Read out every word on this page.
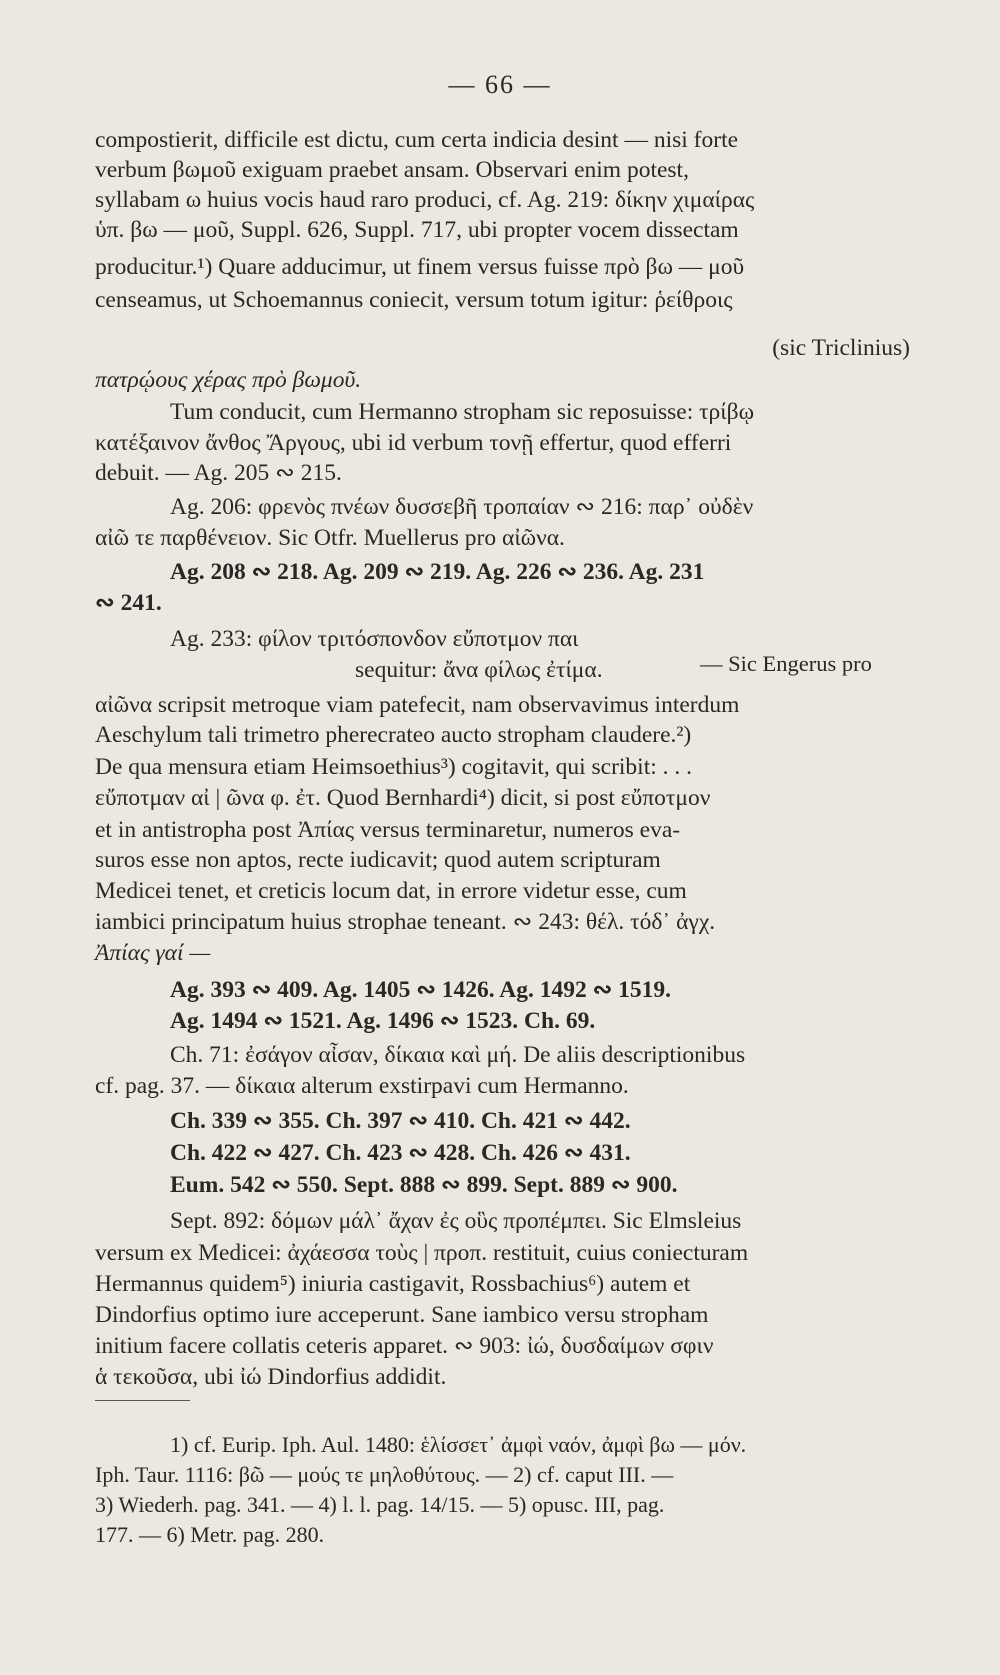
— 66 —
compostierit, difficile est dictu, cum certa indicia desint — nisi forte
verbum βωμοῦ exiguam praebet ansam. Observari enim potest,
syllabam ω huius vocis haud raro produci, cf. Ag. 219: δίκην χιμαίρας
ὑπ. βω — μοῦ, Suppl. 626, Suppl. 717, ubi propter vocem dissectam
producitur.¹) Quare adducimur, ut finem versus fuisse πρὸ βω — μοῦ
censeamus, ut Schoemannus coniecit, versum totum igitur: ῥείθροις
(sic Triclinius)
πατρῴους χέρας πρὸ βωμοῦ.
Tum conducit, cum Hermanno stropham sic reposuisse: τρίβῳ
κατέξαινον ἄνθος Ἄργους, ubi id verbum τονῇ effertur, quod efferri
debuit. — Ag. 205 ∾ 215.
Ag. 206: φρενὸς πνέων δυσσεβῆ τροπαίαν ∾ 216: παρ᾽ οὐδὲν
αἰῶ τε παρθένειον. Sic Otfr. Muellerus pro αἰῶνα.
Ag. 208 ∾ 218. Ag. 209 ∾ 219. Ag. 226 ∾ 236. Ag. 231
∾ 241.
Ag. 233: φίλον τριτόσπονδον εὔποτμον παι
sequitur: ἄνα φίλως ἐτίμα.	— Sic Engerus pro
αἰῶνα scripsit metroque viam patefecit, nam observavimus interdum
Aeschylum tali trimetro pherecrateo aucto stropham claudere.²)
De qua mensura etiam Heimsoethius³) cogitavit, qui scribit: . . .
εὔποτμαν αἰ | ῶνα φ. ἐτ. Quod Bernhardi⁴) dicit, si post εὔποτμον
et in antistropha post Ἀπίας versus terminaretur, numeros eva-
suros esse non aptos, recte iudicavit; quod autem scripturam
Medicei tenet, et creticis locum dat, in errore videtur esse, cum
iambici principatum huius strophae teneant. ∾ 243: θέλ. τόδ᾽ ἀγχ.
Ἀπίας γαί —
Ag. 393 ∾ 409. Ag. 1405 ∾ 1426. Ag. 1492 ∾ 1519.
Ag. 1494 ∾ 1521. Ag. 1496 ∾ 1523. Ch. 69.
Ch. 71: ἐσάγον αἶσαν, δίκαια καὶ μή. De aliis descriptionibus
cf. pag. 37. — δίκαια alterum exstirpavi cum Hermanno.
Ch. 339 ∾ 355. Ch. 397 ∾ 410. Ch. 421 ∾ 442.
Ch. 422 ∾ 427. Ch. 423 ∾ 428. Ch. 426 ∾ 431.
Eum. 542 ∾ 550. Sept. 888 ∾ 899. Sept. 889 ∾ 900.
Sept. 892: δόμων μάλ᾽ ἄχαν ἐς οὓς προπέμπει. Sic Elmsleius
versum ex Medicei: ἀχάεσσα τοὺς | προπ. restituit, cuius coniecturam
Hermannus quidem⁵) iniuria castigavit, Rossbachius⁶) autem et
Dindorfius optimo iure acceperunt. Sane iambico versu stropham
initium facere collatis ceteris apparet. ∾ 903: ἰώ, δυσδαίμων σφιν
ἁ τεκοῦσα, ubi ἰώ Dindorfius addidit.
1) cf. Eurip. Iph. Aul. 1480: ἑλίσσετ᾽ ἀμφὶ ναόν, ἀμφὶ βω — μόν.
Iph. Taur. 1116: βῶ — μούς τε μηλοθύτους. — 2) cf. caput III. —
3) Wiederh. pag. 341. — 4) l. l. pag. 14/15. — 5) opusc. III, pag.
177. — 6) Metr. pag. 280.
